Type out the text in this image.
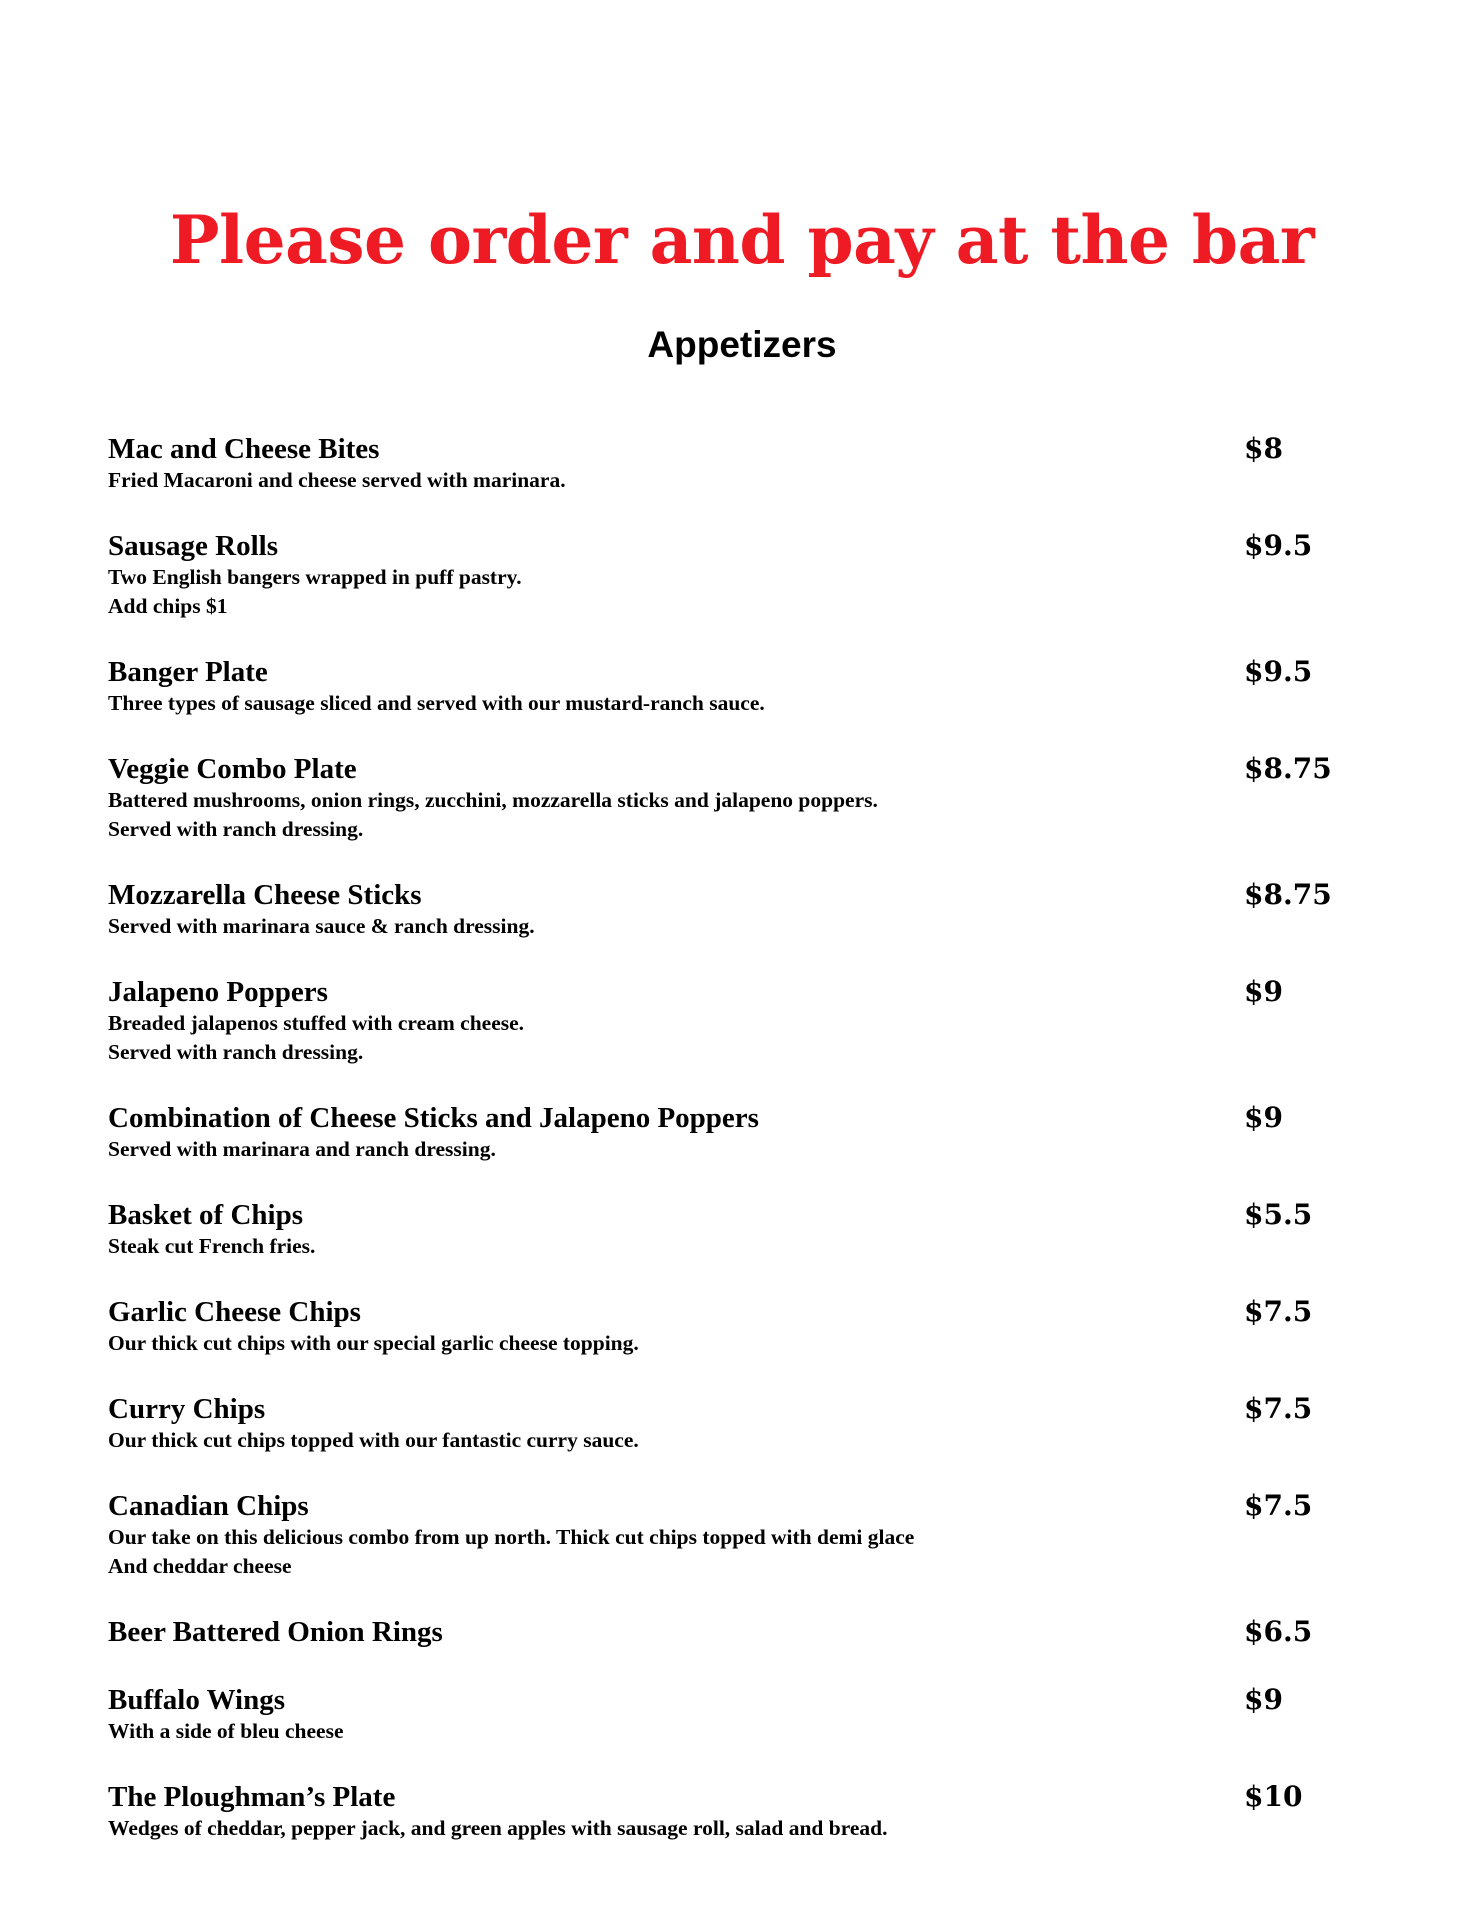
Please order and pay at the bar
Appetizers
Mac and Cheese Bites	$8
Fried Macaroni and cheese served with marinara.
Sausage Rolls	$9.5
Two English bangers wrapped in puff pastry.
Add chips $1
Banger Plate	$9.5
Three types of sausage sliced and served with our mustard-ranch sauce.
Veggie Combo Plate	$8.75
Battered mushrooms, onion rings, zucchini, mozzarella sticks and jalapeno poppers.
Served with ranch dressing.
Mozzarella Cheese Sticks	$8.75
Served with marinara sauce & ranch dressing.
Jalapeno Poppers	$9
Breaded jalapenos stuffed with cream cheese.
Served with ranch dressing.
Combination of Cheese Sticks and Jalapeno Poppers	$9
Served with marinara and ranch dressing.
Basket of Chips	$5.5
Steak cut French fries.
Garlic Cheese Chips	$7.5
Our thick cut chips with our special garlic cheese topping.
Curry Chips	$7.5
Our thick cut chips topped with our fantastic curry sauce.
Canadian Chips	$7.5
Our take on this delicious combo from up north. Thick cut chips topped with demi glace
And cheddar cheese
Beer Battered Onion Rings	$6.5
Buffalo Wings	$9
With a side of bleu cheese
The Ploughman’s Plate	$10
Wedges of cheddar, pepper jack, and green apples with sausage roll, salad and bread.
